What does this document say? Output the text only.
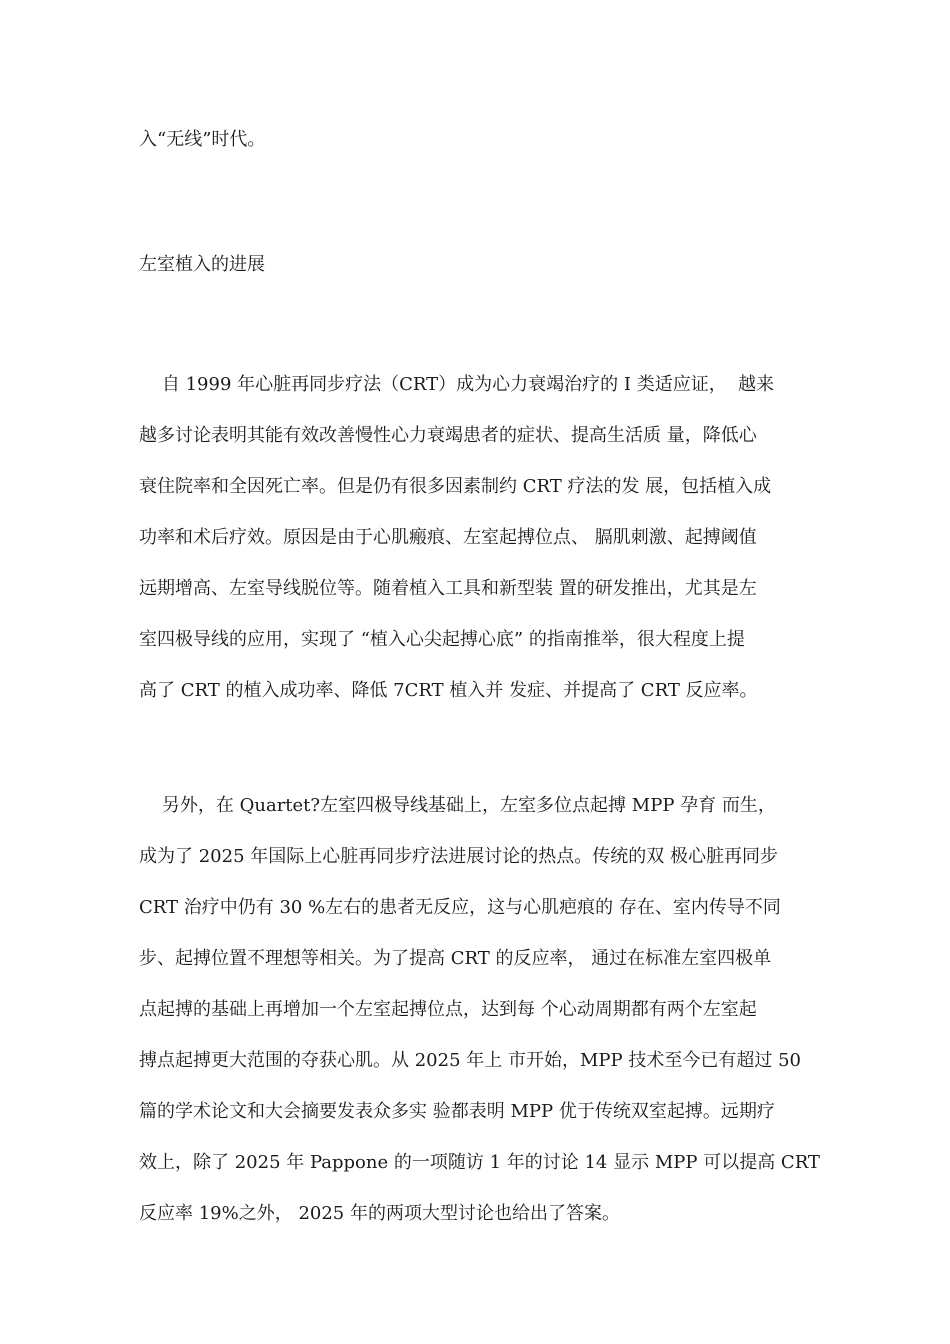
入“无线”时代。
左室植入的进展
自 1999 年心脏再同步疗法（CRT）成为心力衰竭治疗的 I 类适应证，  越来
越多讨论表明其能有效改善慢性心力衰竭患者的症状、提高生活质 量，降低心
衰住院率和全因死亡率。但是仍有很多因素制约 CRT 疗法的发 展，包括植入成
功率和术后疗效。原因是由于心肌瘢痕、左室起搏位点、 膈肌刺激、起搏阈值
远期增高、左室导线脱位等。随着植入工具和新型装 置的研发推出，尤其是左
室四极导线的应用，实现了 “植入心尖起搏心底” 的指南推举，很大程度上提
高了 CRT 的植入成功率、降低 7CRT 植入并 发症、并提高了 CRT 反应率。
另外，在 Quartet?左室四极导线基础上，左室多位点起搏 MPP 孕育 而生，
成为了 2025 年国际上心脏再同步疗法进展讨论的热点。传统的双 极心脏再同步
CRT 治疗中仍有 30 %左右的患者无反应，这与心肌疤痕的 存在、室内传导不同
步、起搏位置不理想等相关。为了提高 CRT 的反应率， 通过在标准左室四极单
点起搏的基础上再增加一个左室起搏位点，达到每 个心动周期都有两个左室起
搏点起搏更大范围的夺获心肌。从 2025 年上 市开始，MPP 技术至今已有超过 50
篇的学术论文和大会摘要发表众多实 验都表明 MPP 优于传统双室起搏。远期疗
效上，除了 2025 年 Pappone 的一项随访 1 年的讨论 14 显示 MPP 可以提高 CRT
反应率 19%之外， 2025 年的两项大型讨论也给出了答案。
